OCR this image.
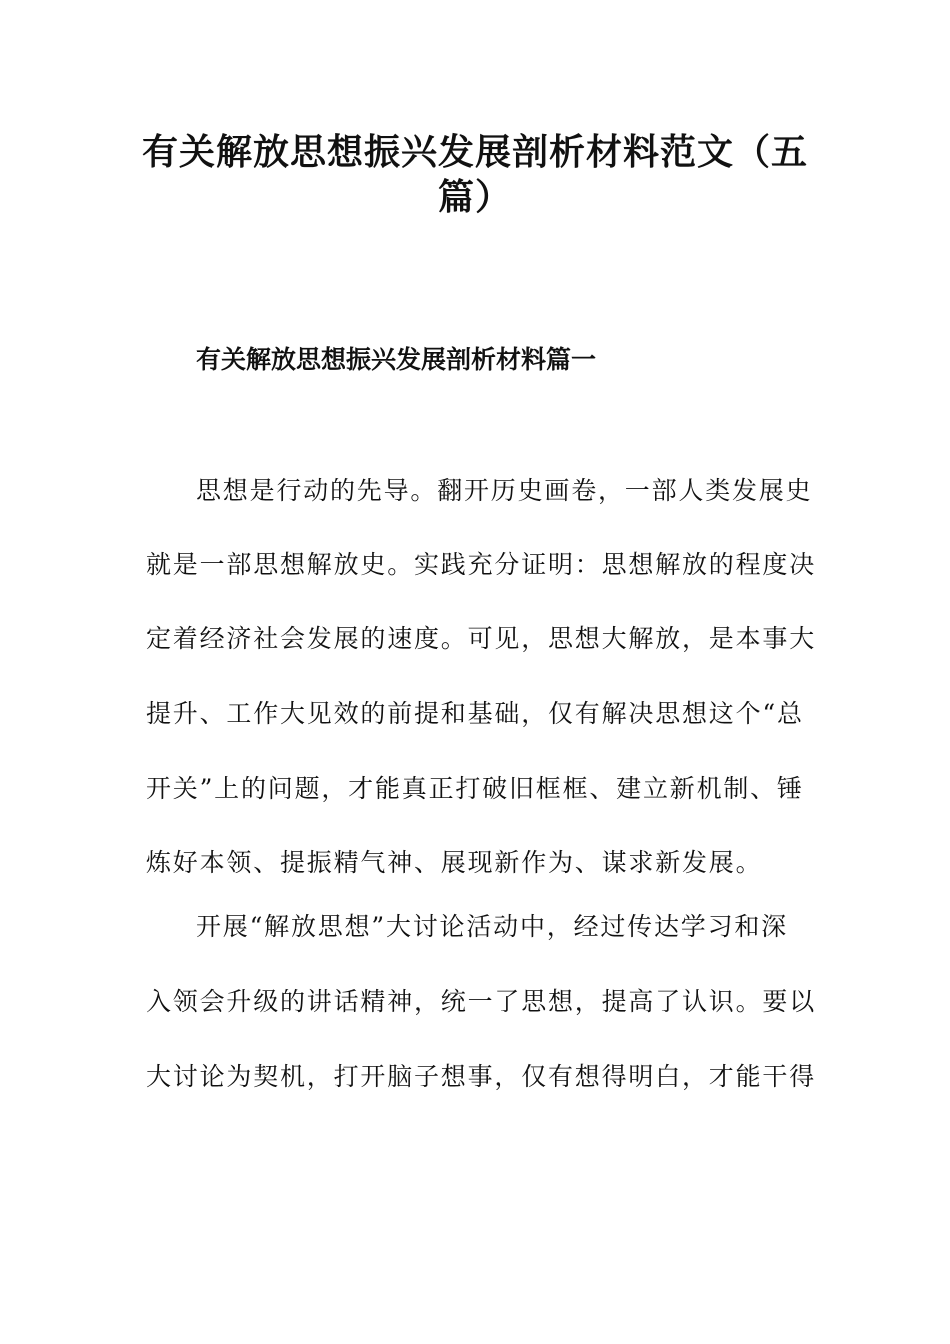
有关解放思想振兴发展剖析材料范文（五
篇）
有关解放思想振兴发展剖析材料篇一
思想是行动的先导。翻开历史画卷，一部人类发展史
就是一部思想解放史。实践充分证明：思想解放的程度决
定着经济社会发展的速度。可见，思想大解放，是本事大
提升、工作大见效的前提和基础，仅有解决思想这个“总
开关”上的问题，才能真正打破旧框框、建立新机制、锤
炼好本领、提振精气神、展现新作为、谋求新发展。
开展“解放思想”大讨论活动中，经过传达学习和深
入领会升级的讲话精神，统一了思想，提高了认识。要以
大讨论为契机，打开脑子想事，仅有想得明白，才能干得
